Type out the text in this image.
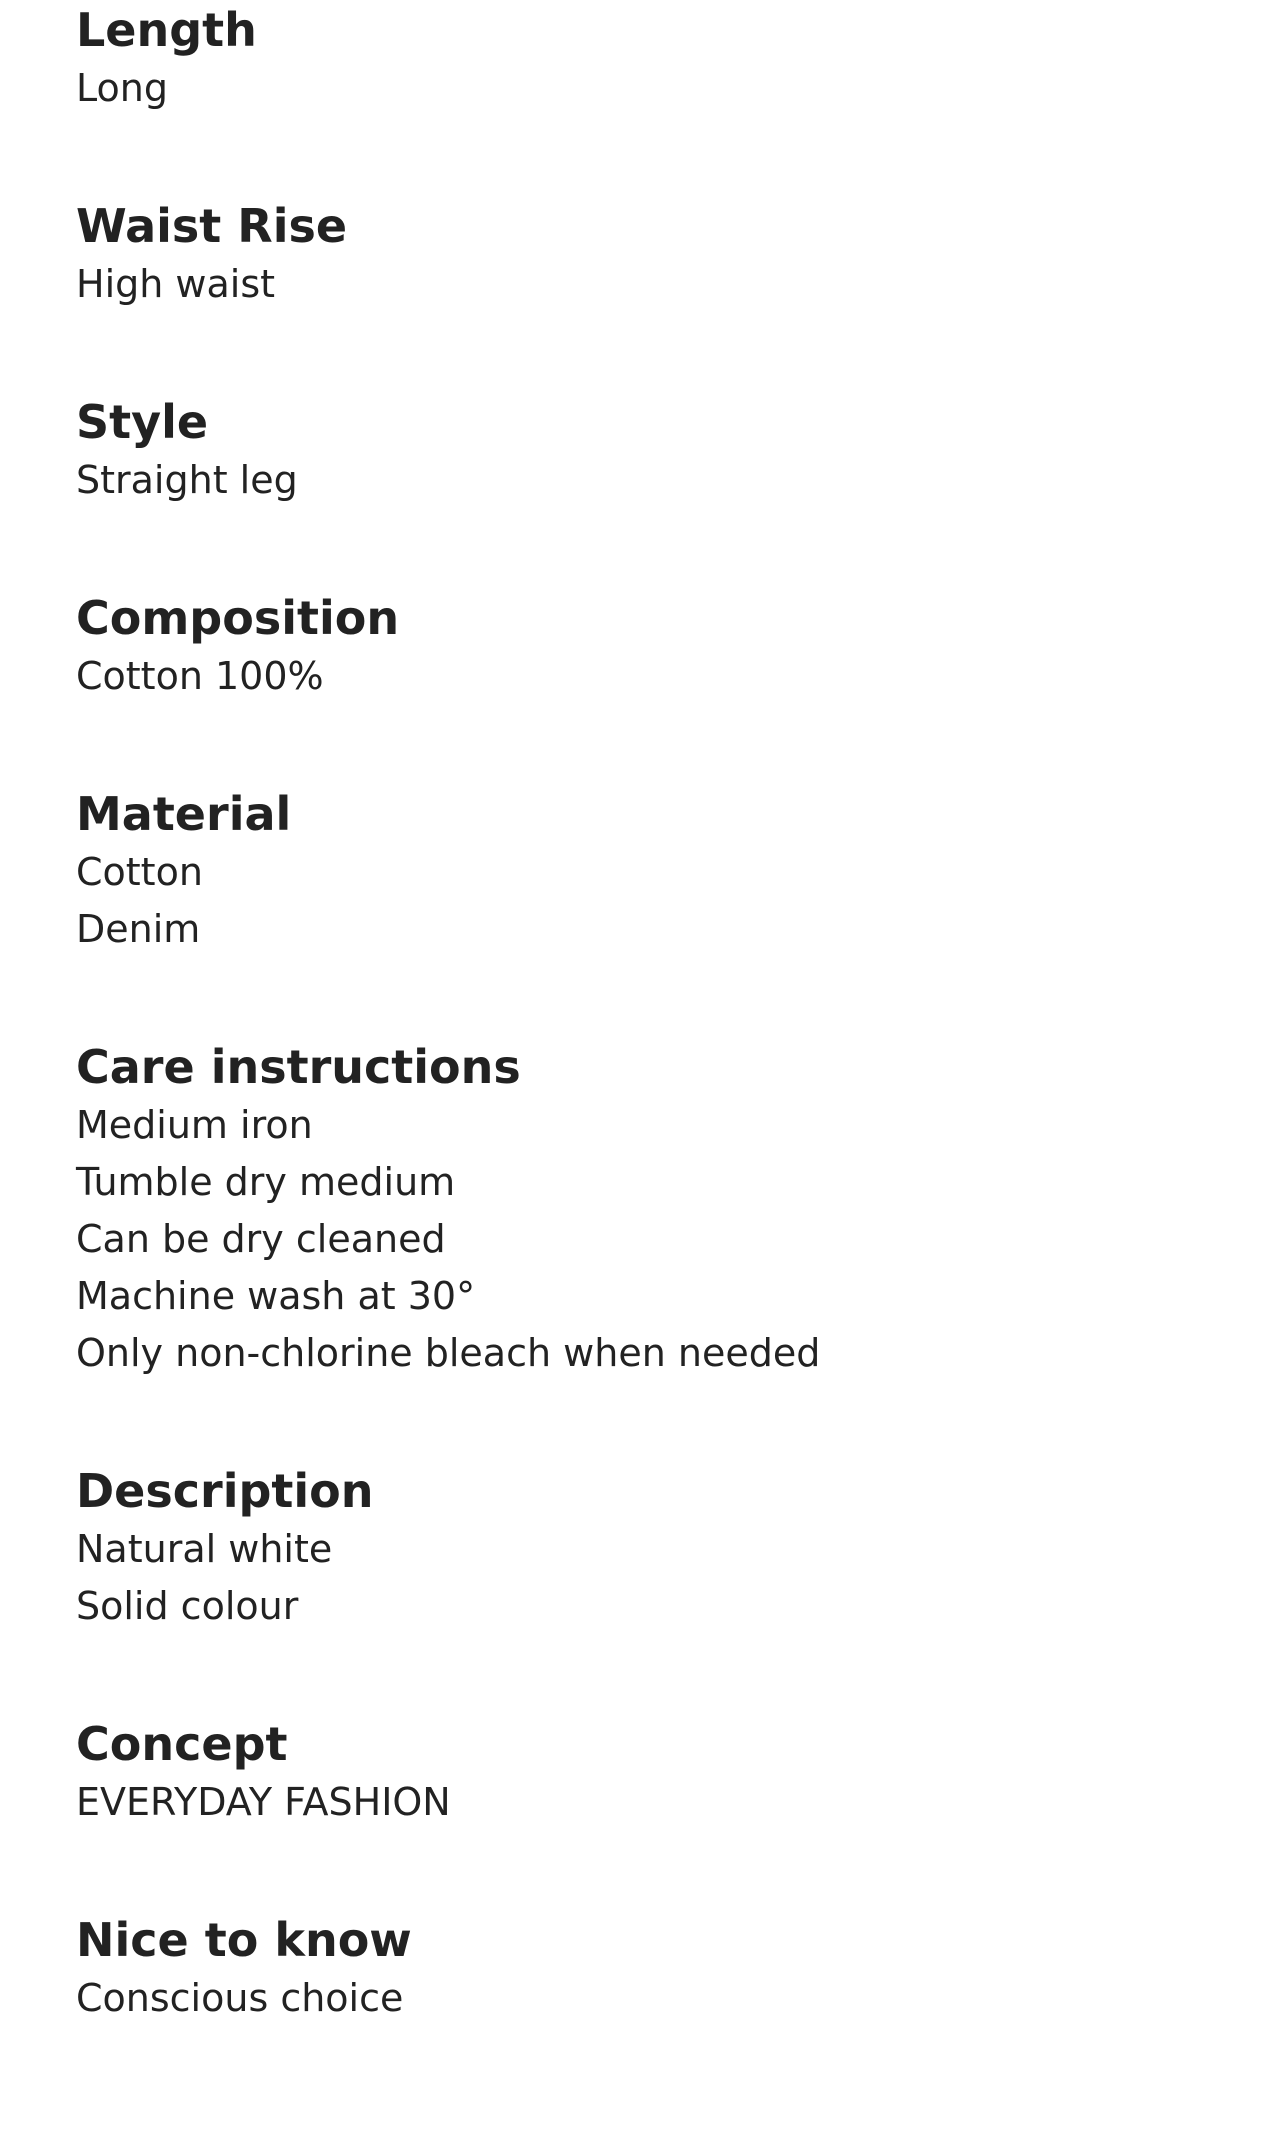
Length
Long
Waist Rise
High waist
Style
Straight leg
Composition
Cotton 100%
Material
Cotton
Denim
Care instructions
Medium iron
Tumble dry medium
Can be dry cleaned
Machine wash at 30°
Only non-chlorine bleach when needed
Description
Natural white
Solid colour
Concept
EVERYDAY FASHION
Nice to know
Conscious choice
